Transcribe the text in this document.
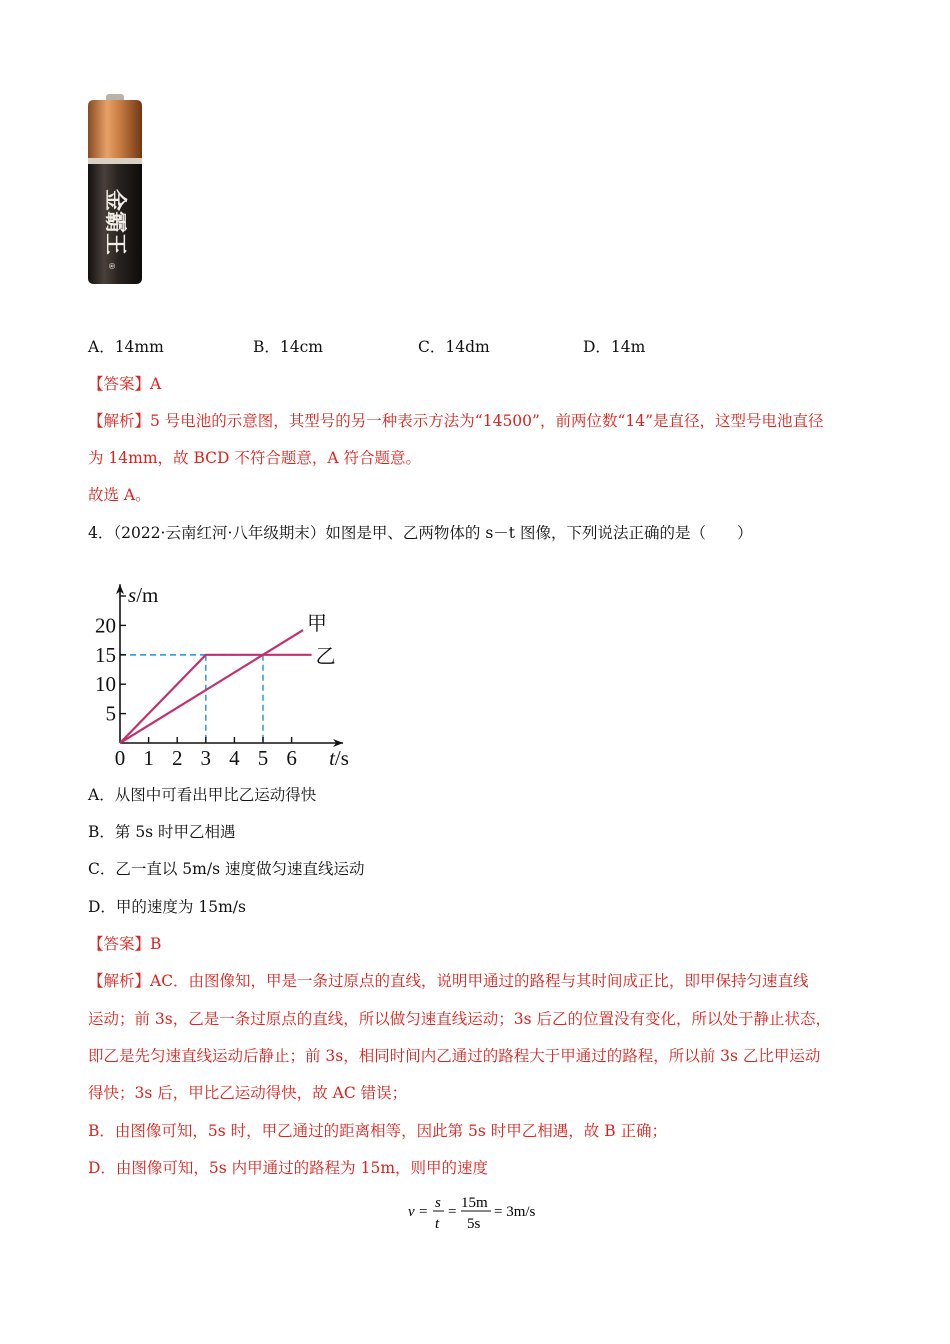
金霸王
®
A．14mm	B．14cm	C．14dm	D．14m
【答案】A
【解析】5 号电池的示意图，其型号的另一种表示方法为“14500”，前两位数“14”是直径，这型号电池直径
为 14mm，故 BCD 不符合题意，A 符合题意。
故选 A。
4．（2022·云南红河·八年级期末）如图是甲、乙两物体的 s－t 图像，下列说法正确的是（　　）
0 1 2 3 4 5 6
5
10
15
20
s/m
t/s
甲
乙
A．从图中可看出甲比乙运动得快
B．第 5s 时甲乙相遇
C．乙一直以 5m/s 速度做匀速直线运动
D．甲的速度为 15m/s
【答案】B
【解析】AC．由图像知，甲是一条过原点的直线，说明甲通过的路程与其时间成正比，即甲保持匀速直线
运动；前 3s，乙是一条过原点的直线，所以做匀速直线运动；3s 后乙的位置没有变化，所以处于静止状态，
即乙是先匀速直线运动后静止；前 3s，相同时间内乙通过的路程大于甲通过的路程，所以前 3s 乙比甲运动
得快；3s 后，甲比乙运动得快，故 AC 错误；
B．由图像可知，5s 时，甲乙通过的距离相等，因此第 5s 时甲乙相遇，故 B 正确；
D．由图像可知，5s 内甲通过的路程为 15m，则甲的速度
v =
s
t
=
15m
5s
= 3m/s
